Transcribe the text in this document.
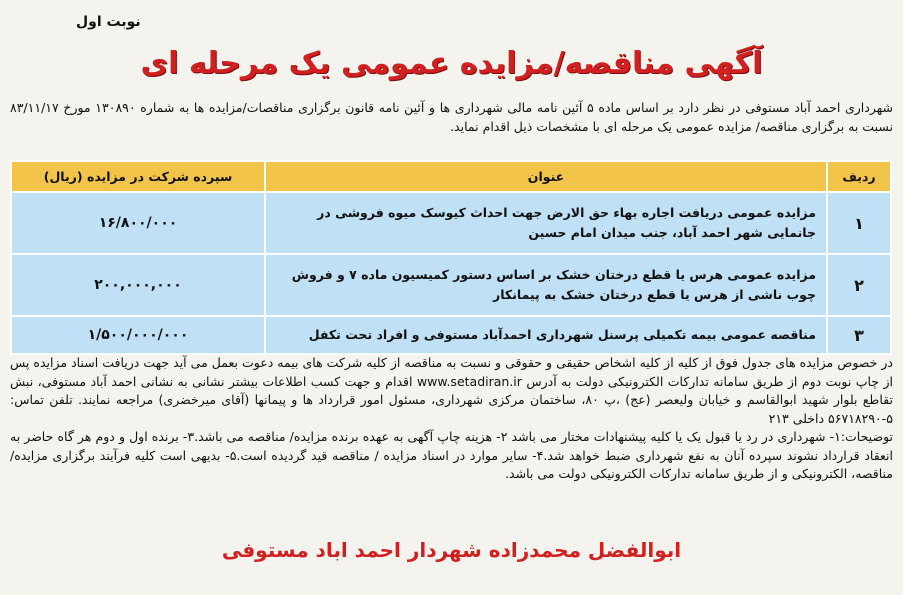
نوبت اول
آگهی مناقصه/مزایده عمومی یک مرحله ای
شهرداری احمد آباد مستوفی در نظر دارد بر اساس ماده ۵ آئین نامه مالی شهرداری ها و آئین نامه قانون برگزاری مناقصات/مزایده ها به شماره ۱۳۰۸۹۰ مورخ ۸۳/۱۱/۱۷ نسبت به برگزاری مناقصه/ مزایده عمومی یک مرحله ای با مشخصات ذیل اقدام نماید.
ردیف	عنوان	سپرده شرکت در مزایده (ریال)
۱	مزایده عمومی دریافت اجاره بهاء حق الارض جهت احداث کیوسک میوه فروشی در جانمایی شهر احمد آباد، جنب میدان امام حسین	۱۶/۸۰۰/۰۰۰
۲	مزایده عمومی هرس یا قطع درختان خشک بر اساس دستور کمیسیون ماده ۷ و فروش چوب ناشی از هرس یا قطع درختان خشک به پیمانکار	۲۰۰,۰۰۰,۰۰۰
۳	مناقصه عمومی بیمه تکمیلی پرسنل شهرداری احمدآباد مستوفی و افراد تحت تکفل	۱/۵۰۰/۰۰۰/۰۰۰
در خصوص مزایده های جدول فوق از کلیه از کلیه اشخاص حقیقی و حقوقی و نسبت به مناقصه از کلیه شرکت های بیمه دعوت بعمل می آید جهت دریافت اسناد مزایده پس از چاپ نوبت دوم از طریق سامانه تدارکات الکترونیکی دولت به آدرس www.setadiran.ir اقدام و جهت کسب اطلاعات بیشتر نشانی به نشانی احمد آباد مستوفی، نبش تقاطع بلوار شهید ابوالقاسم و خیابان ولیعصر (عج) ،پ ۸۰، ساختمان مرکزی شهرداری، مسئول امور قرارداد ها و پیمانها (آقای میرخضری) مراجعه نمایند. تلفن تماس: ۵-۵۶۷۱۸۲۹۰ داخلی ۲۱۳
توضیحات:۱- شهرداری در رد یا قبول یک یا کلیه پیشنهادات مختار می باشد ۲- هزینه چاپ آگهی به عهده برنده مزایده/ مناقصه می باشد.۳- برنده اول و دوم هر گاه حاضر به انعقاد قرارداد نشوند سپرده آنان به نفع شهرداری ضبط خواهد شد.۴- سایر موارد در اسناد مزایده / مناقصه قید گردیده است.۵- بدیهی است کلیه فرآیند برگزاری مزایده/ مناقصه، الکترونیکی و از طریق سامانه تدارکات الکترونیکی دولت می باشد.
ابوالفضل محمدزاده شهردار احمد اباد مستوفی
